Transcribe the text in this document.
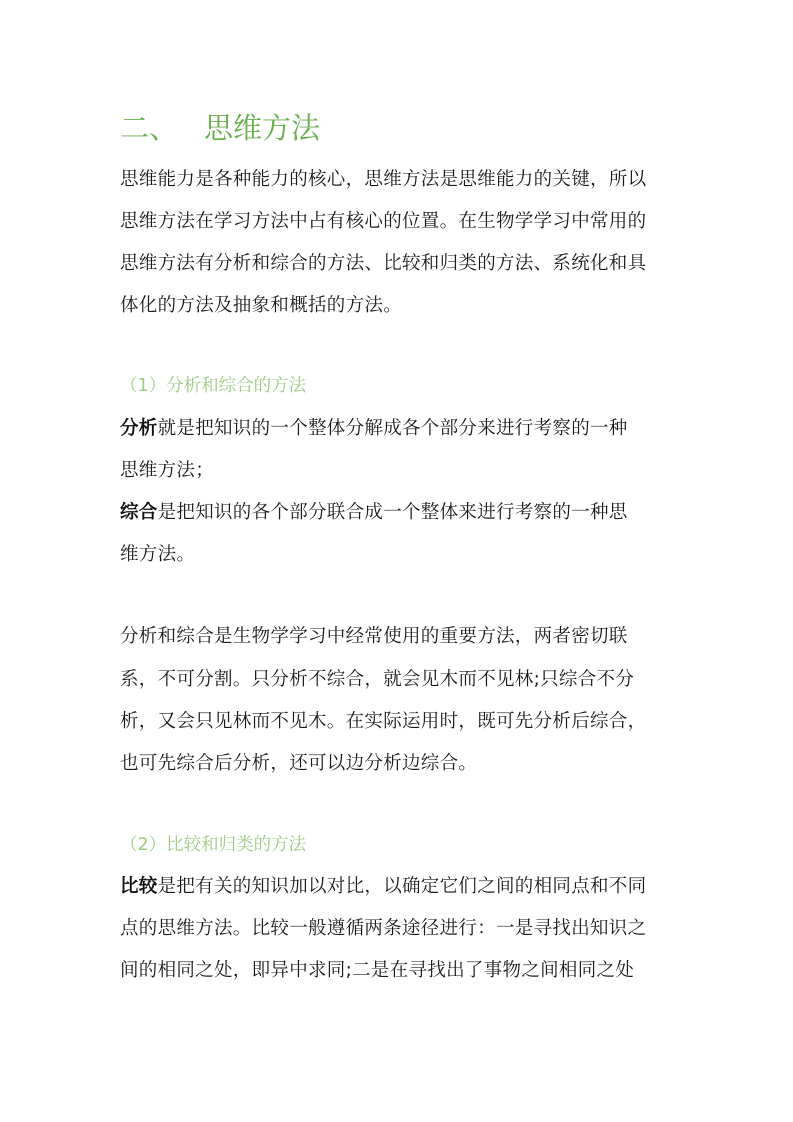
二、 思维方法
思维能力是各种能力的核心，思维方法是思维能力的关键，所以
思维方法在学习方法中占有核心的位置。在生物学学习中常用的
思维方法有分析和综合的方法、比较和归类的方法、系统化和具
体化的方法及抽象和概括的方法。
（1）分析和综合的方法
分析就是把知识的一个整体分解成各个部分来进行考察的一种
思维方法；
综合是把知识的各个部分联合成一个整体来进行考察的一种思
维方法。
分析和综合是生物学学习中经常使用的重要方法，两者密切联
系，不可分割。只分析不综合，就会见木而不见林;只综合不分
析，又会只见林而不见木。在实际运用时，既可先分析后综合，
也可先综合后分析，还可以边分析边综合。
（2）比较和归类的方法
比较是把有关的知识加以对比，以确定它们之间的相同点和不同
点的思维方法。比较一般遵循两条途径进行：一是寻找出知识之
间的相同之处，即异中求同;二是在寻找出了事物之间相同之处
